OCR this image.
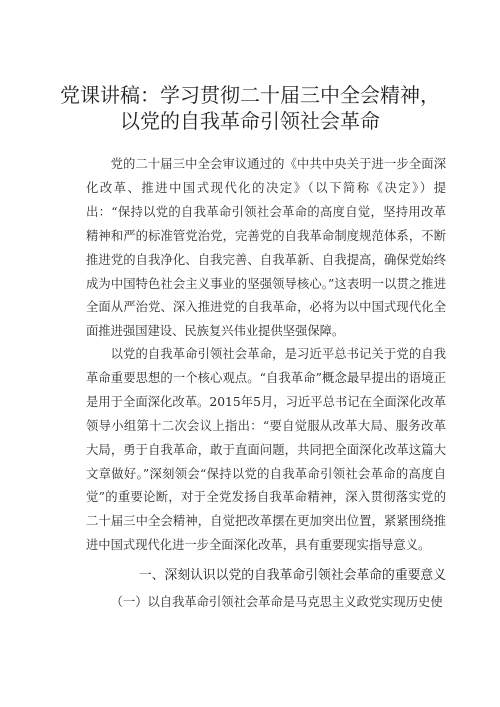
党课讲稿：学习贯彻二十届三中全会精神，
以党的自我革命引领社会革命

党的二十届三中全会审议通过的《中共中央关于进一步全面深化改革、推进中国式现代化的决定》（以下简称《决定》）提出：“保持以党的自我革命引领社会革命的高度自觉，坚持用改革精神和严的标准管党治党，完善党的自我革命制度规范体系，不断推进党的自我净化、自我完善、自我革新、自我提高，确保党始终成为中国特色社会主义事业的坚强领导核心。”这表明一以贯之推进全面从严治党、深入推进党的自我革命，必将为以中国式现代化全面推进强国建设、民族复兴伟业提供坚强保障。

以党的自我革命引领社会革命，是习近平总书记关于党的自我革命重要思想的一个核心观点。“自我革命”概念最早提出的语境正是用于全面深化改革。2015年5月，习近平总书记在全面深化改革领导小组第十二次会议上指出：“要自觉服从改革大局、服务改革大局，勇于自我革命，敢于直面问题，共同把全面深化改革这篇大文章做好。”深刻领会“保持以党的自我革命引领社会革命的高度自觉”的重要论断，对于全党发扬自我革命精神，深入贯彻落实党的二十届三中全会精神，自觉把改革摆在更加突出位置，紧紧围绕推进中国式现代化进一步全面深化改革，具有重要现实指导意义。

一、深刻认识以党的自我革命引领社会革命的重要意义
（一）以自我革命引领社会革命是马克思主义政党实现历史使
